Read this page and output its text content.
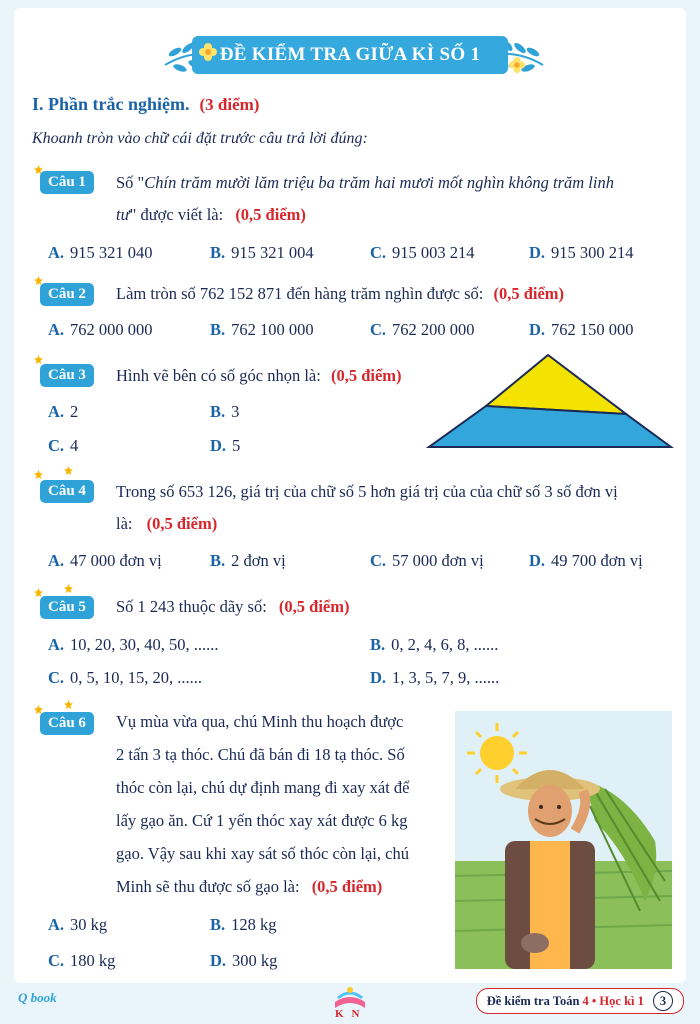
ĐỀ KIỂM TRA GIỮA KÌ SỐ 1
I. Phần trắc nghiệm. (3 điểm)
Khoanh tròn vào chữ cái đặt trước câu trả lời đúng:
Câu 1	Số "Chín trăm mười lăm triệu ba trăm hai mươi mốt nghìn không trăm linh
tư" được viết là: (0,5 điểm)
A. 915 321 040	B. 915 321 004	C. 915 003 214	D. 915 300 214
Câu 2	Làm tròn số 762 152 871 đến hàng trăm nghìn được số: (0,5 điểm)
A. 762 000 000	B. 762 100 000	C. 762 200 000	D. 762 150 000
Câu 3	Hình vẽ bên có số góc nhọn là: (0,5 điểm)
A. 2	B. 3
C. 4	D. 5
Câu 4	Trong số 653 126, giá trị của chữ số 5 hơn giá trị của của chữ số 3 số đơn vị
là: (0,5 điểm)
A. 47 000 đơn vị	B. 2 đơn vị	C. 57 000 đơn vị	D. 49 700 đơn vị
Câu 5	Số 1 243 thuộc dãy số: (0,5 điểm)
A. 10, 20, 30, 40, 50, ......	B. 0, 2, 4, 6, 8, ......
C. 0, 5, 10, 15, 20, ......	D. 1, 3, 5, 7, 9, ......
Câu 6	Vụ mùa vừa qua, chú Minh thu hoạch được
2 tấn 3 tạ thóc. Chú đã bán đi 18 tạ thóc. Số
thóc còn lại, chú dự định mang đi xay xát để
lấy gạo ăn. Cứ 1 yến thóc xay xát được 6 kg
gạo. Vậy sau khi xay sát số thóc còn lại, chú
Minh sẽ thu được số gạo là: (0,5 điểm)
A. 30 kg	B. 128 kg
C. 180 kg	D. 300 kg
Q book
KN
Đề kiểm tra Toán 4 • Học kì 1 3
